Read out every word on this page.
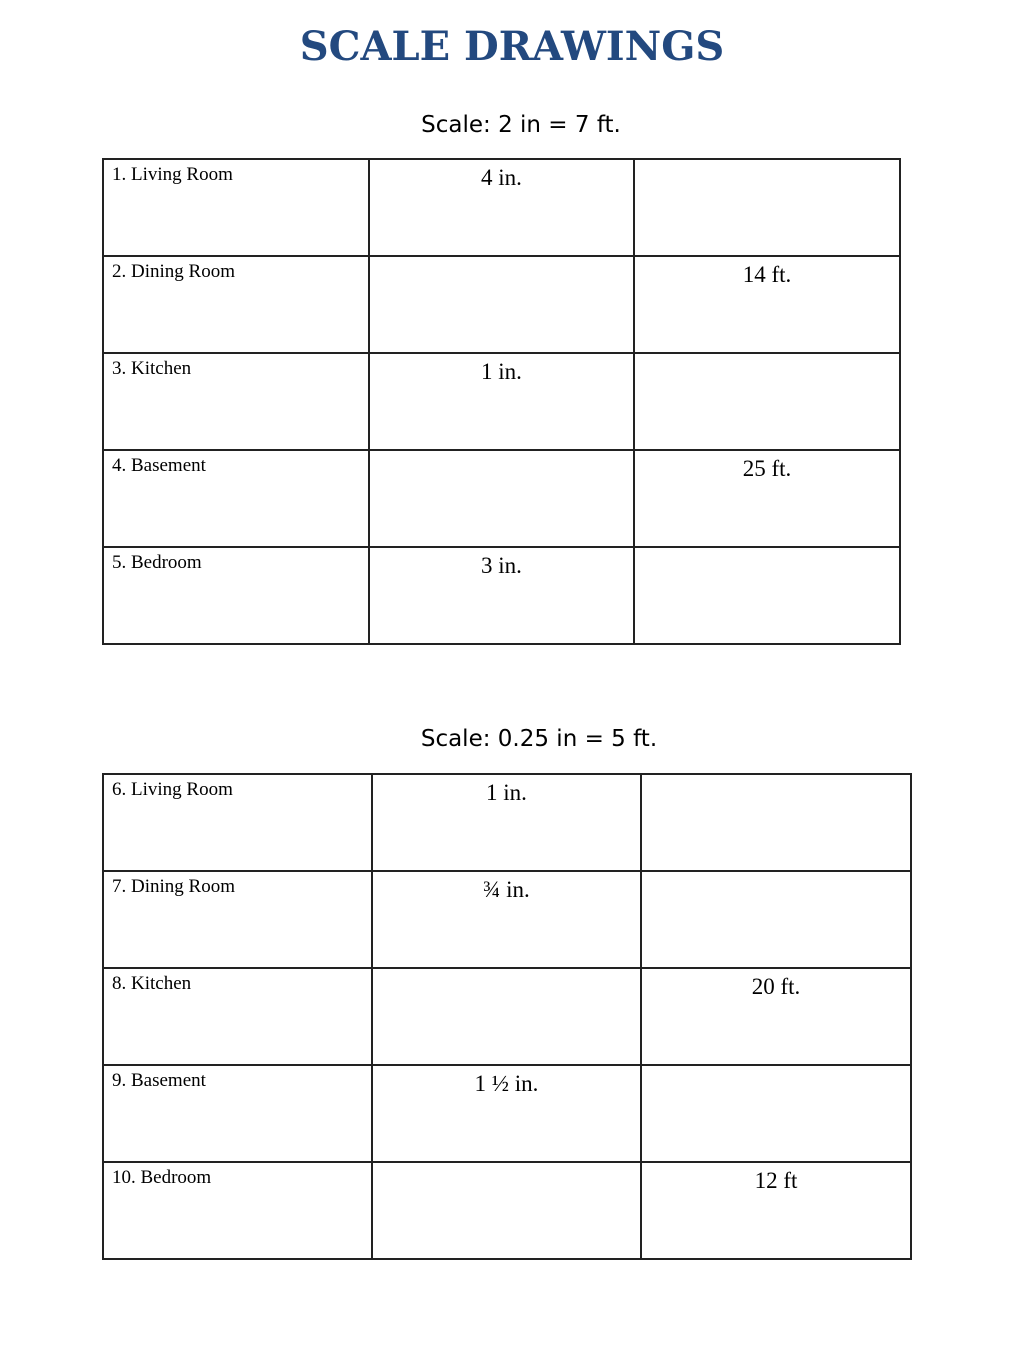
SCALE DRAWINGS
Scale: 2 in = 7 ft.
1. Living Room	4 in.	
2. Dining Room		14 ft.
3. Kitchen	1 in.	
4. Basement		25 ft.
5. Bedroom	3 in.	
Scale: 0.25 in = 5 ft.
6. Living Room	1 in.	
7. Dining Room	¾ in.	
8. Kitchen		20 ft.
9. Basement	1 ½ in.	
10. Bedroom		12 ft
